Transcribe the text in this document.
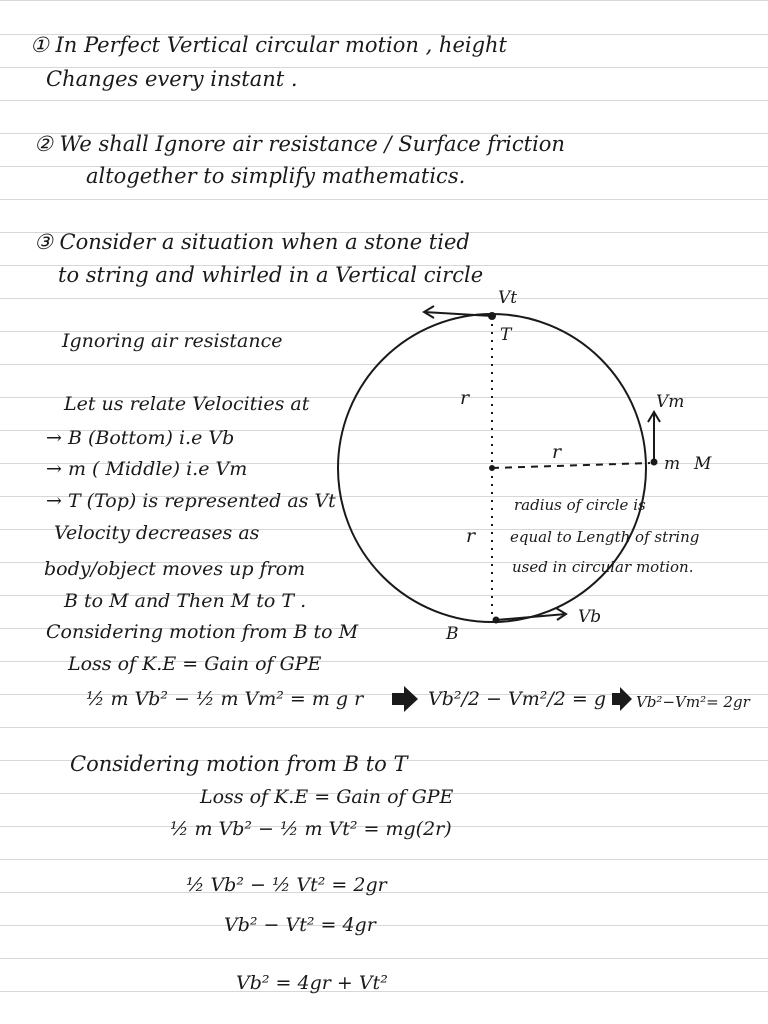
① In Perfect Vertical circular motion , height
Changes every instant .
② We shall Ignore air resistance / Surface friction
altogether to simplify mathematics.
③ Consider a situation when a stone tied
to string and whirled in a Vertical circle
Ignoring air resistance
Let us relate Velocities at
→ B (Bottom) i.e Vb
→ m ( Middle) i.e Vm
→ T (Top) is represented as Vt
Velocity decreases as
body/object moves up from
B to M and Then M to T .
Vt
T
r
r
r
Vm
m M
Vb
B
radius of circle is
equal to Length of string
used in circular motion.
Considering motion from B to M
Loss of K.E = Gain of GPE
½ m Vb² − ½ m Vm² = m g r	Vb²/2 − Vm²/2 = g r Vb²−Vm²= 2gr
Considering motion from B to T
Loss of K.E = Gain of GPE
½ m Vb² − ½ m Vt² = mg(2r)
½ Vb² − ½ Vt² = 2gr
Vb² − Vt² = 4gr
Vb² = 4gr + Vt²
